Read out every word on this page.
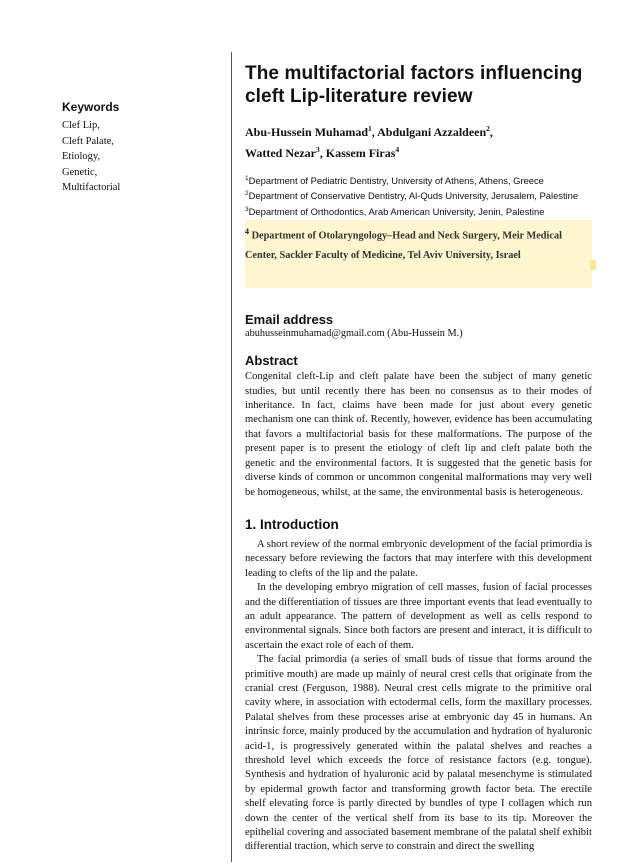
Keywords
Clef Lip,
Cleft Palate,
Etiology,
Genetic,
Multifactorial
The multifactorial factors influencing cleft Lip-literature review
Abu-Hussein Muhamad$^1$, Abdulgani Azzaldeen$^2$,
Watted Nezar$^3$, Kassem Firas$^4$
$^1$Department of Pediatric Dentistry, University of Athens, Athens, Greece
$^2$Department of Conservative Dentistry, Al-Quds University, Jerusalem, Palestine
$^3$Department of Orthodontics, Arab American University, Jenin, Palestine
$^4$ Department of Otolaryngology–Head and Neck Surgery, Meir Medical
Center, Sackler Faculty of Medicine, Tel Aviv University, Israel
Email address
abuhusseinmuhamad@gmail.com (Abu-Hussein M.)
Abstract

Congenital cleft-Lip and cleft palate have been the subject of many genetic studies, but until recently there has been no consensus as to their modes of inheritance. In fact, claims have been made for just about every genetic mechanism one can think of. Recently, however, evidence has been accumulating that favors a multifactorial basis for these malformations. The purpose of the present paper is to present the etiology of cleft lip and cleft palate both the genetic and the environmental factors. It is suggested that the genetic basis for diverse kinds of common or uncommon congenital malformations may very well be homogeneous, whilst, at the same, the environmental basis is heterogeneous.

1. Introduction

A short review of the normal embryonic development of the facial primordia is necessary before reviewing the factors that may interfere with this development leading to clefts of the lip and the palate.

In the developing embryo migration of cell masses, fusion of facial processes and the differentiation of tissues are three important events that lead eventually to an adult appearance. The pattern of development as well as cells respond to environmental signals. Since both factors are present and interact, it is difficult to ascertain the exact role of each of them.

The facial primordia (a series of small buds of tissue that forms around the primitive mouth) are made up mainly of neural crest cells that originate from the cranial crest (Ferguson, 1988). Neural crest cells migrate to the primitive oral cavity where, in association with ectodermal cells, form the maxillary processes. Palatal shelves from these processes arise at embryonic day 45 in humans. An intrinsic force, mainly produced by the accumulation and hydration of hyaluronic acid-1, is progressively generated within the palatal shelves and reaches a threshold level which exceeds the force of resistance factors (e.g. tongue). Synthesis and hydration of hyaluronic acid by palatal mesenchyme is stimulated by epidermal growth factor and transforming growth factor beta. The erectile shelf elevating force is partly directed by bundles of type I collagen which run down the center of the vertical shelf from its base to its tip. Moreover the epithelial covering and associated basement membrane of the palatal shelf exhibit differential traction, which serve to constrain and direct the swelling
